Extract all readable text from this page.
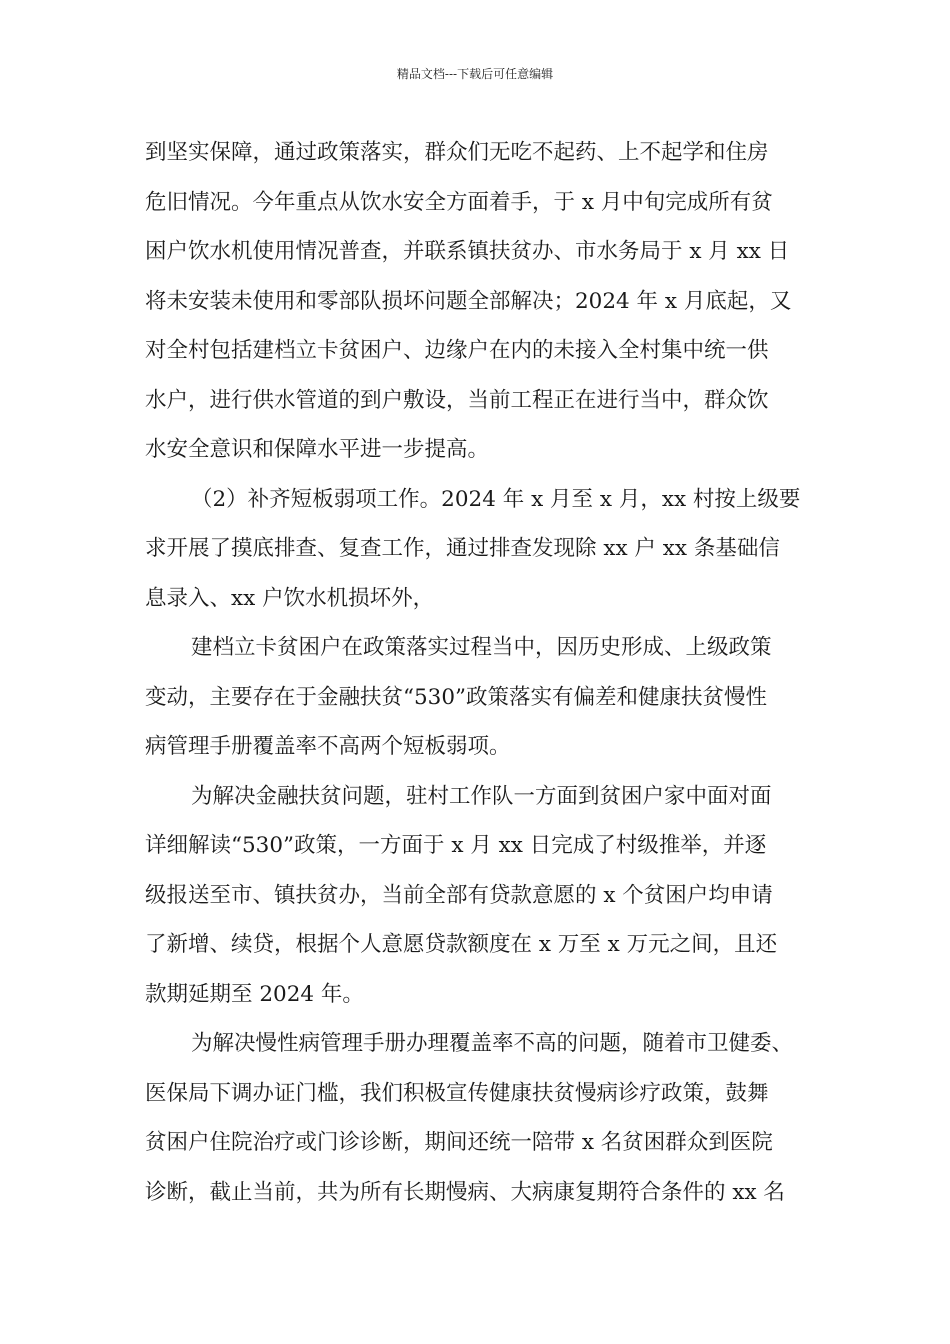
精品文档---下载后可任意编辑

到坚实保障，通过政策落实，群众们无吃不起药、上不起学和住房

危旧情况。今年重点从饮水安全方面着手，于 x 月中旬完成所有贫

困户饮水机使用情况普查，并联系镇扶贫办、市水务局于 x 月 xx 日

将未安装未使用和零部队损坏问题全部解决；2024 年 x 月底起，又

对全村包括建档立卡贫困户、边缘户在内的未接入全村集中统一供

水户，进行供水管道的到户敷设，当前工程正在进行当中，群众饮

水安全意识和保障水平进一步提高。

（2）补齐短板弱项工作。2024 年 x 月至 x 月，xx 村按上级要

求开展了摸底排查、复查工作，通过排查发现除 xx 户 xx 条基础信

息录入、xx 户饮水机损坏外，

建档立卡贫困户在政策落实过程当中，因历史形成、上级政策

变动，主要存在于金融扶贫“530”政策落实有偏差和健康扶贫慢性

病管理手册覆盖率不高两个短板弱项。

为解决金融扶贫问题，驻村工作队一方面到贫困户家中面对面

详细解读“530”政策，一方面于 x 月 xx 日完成了村级推举，并逐

级报送至市、镇扶贫办，当前全部有贷款意愿的 x 个贫困户均申请

了新增、续贷，根据个人意愿贷款额度在 x 万至 x 万元之间，且还

款期延期至 2024 年。

为解决慢性病管理手册办理覆盖率不高的问题，随着市卫健委、

医保局下调办证门槛，我们积极宣传健康扶贫慢病诊疗政策，鼓舞

贫困户住院治疗或门诊诊断，期间还统一陪带 x 名贫困群众到医院

诊断，截止当前，共为所有长期慢病、大病康复期符合条件的 xx 名
